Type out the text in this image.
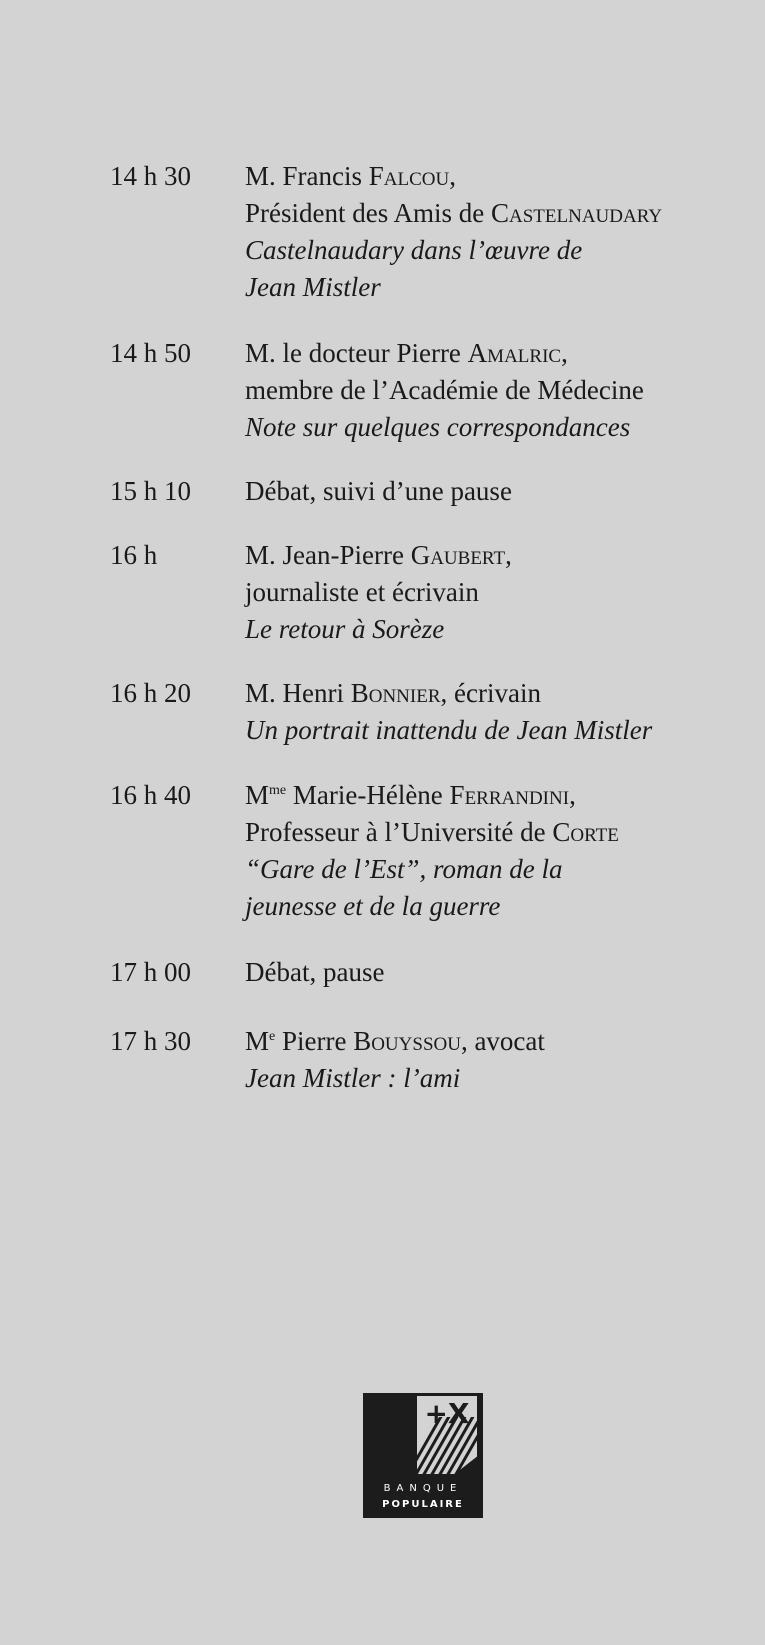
14 h 30	M. Francis Falcou,
Président des Amis de Castelnaudary
Castelnaudary dans l’œuvre de
Jean Mistler
14 h 50	M. le docteur Pierre Amalric,
membre de l’Académie de Médecine
Note sur quelques correspondances
15 h 10	Débat, suivi d’une pause
16 h	M. Jean-Pierre Gaubert,
journaliste et écrivain
Le retour à Sorèze
16 h 20	M. Henri Bonnier, écrivain
Un portrait inattendu de Jean Mistler
16 h 40	$M^{me}$ Marie-Hélène Ferrandini,
Professeur à l’Université de Corte
“Gare de l’Est”, roman de la
jeunesse et de la guerre
17 h 00	Débat, pause
17 h 30	Me Pierre Bouyssou, avocat
Jean Mistler : l’ami
+X
BANQUE
POPULAIRE
